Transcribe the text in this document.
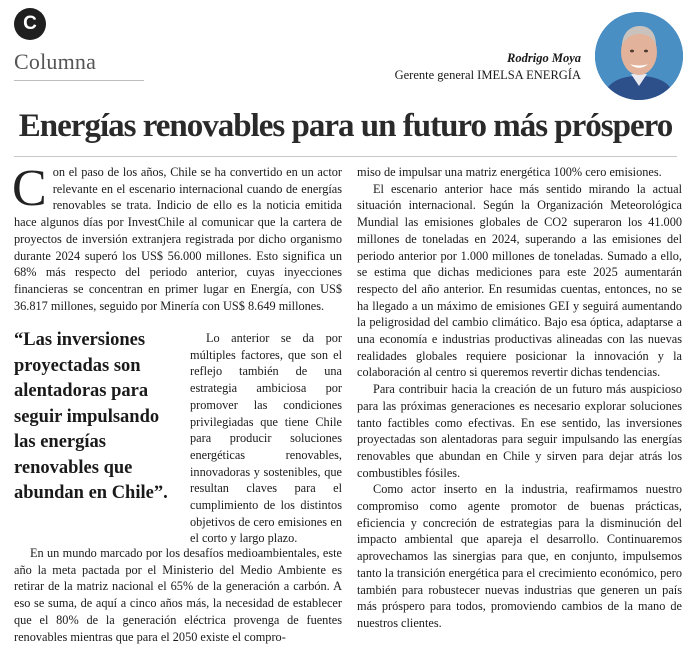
C
Columna	Rodrigo Moya
Gerente general IMELSA ENERGÍA
Energías renovables para un futuro más próspero
C on el paso de los años, Chile se ha convertido en un actor relevante en el escenario internacional cuando de energías renovables se trata. Indicio de ello es la noticia emitida hace algunos días por InvestChile al comunicar que la cartera de proyectos de inversión extranjera registrada por dicho organismo durante 2024 superó los US$ 56.000 millones. Esto significa un 68% más respecto del periodo anterior, cuyas inyecciones financieras se concentran en primer lugar en Energía, con US$ 36.817 millones, seguido por Minería con US$ 8.649 millones.

“Las inversiones proyectadas son alentadoras para seguir impulsando las energías renovables que abundan en Chile”.

Lo anterior se da por múltiples factores, que son el reflejo también de una estrategia ambiciosa por promover las condiciones privilegiadas que tiene Chile para producir soluciones energéticas renovables, innovadoras y sostenibles, que resultan claves para el cumplimiento de los distintos objetivos de cero emisiones en el corto y largo plazo.

En un mundo marcado por los desafíos medioambientales, este año la meta pactada por el Ministerio del Medio Ambiente es retirar de la matriz nacional el 65% de la generación a carbón. A eso se suma, de aquí a cinco años más, la necesidad de establecer que el 80% de la generación eléctrica provenga de fuentes renovables mientras que para el 2050 existe el compro-

miso de impulsar una matriz energética 100% cero emisiones.

El escenario anterior hace más sentido mirando la actual situación internacional. Según la Organización Meteorológica Mundial las emisiones globales de CO2 superaron los 41.000 millones de toneladas en 2024, superando a las emisiones del periodo anterior por 1.000 millones de toneladas. Sumado a ello, se estima que dichas mediciones para este 2025 aumentarán respecto del año anterior. En resumidas cuentas, entonces, no se ha llegado a un máximo de emisiones GEI y seguirá aumentando la peligrosidad del cambio climático. Bajo esa óptica, adaptarse a una economía e industrias productivas alineadas con las nuevas realidades globales requiere posicionar la innovación y la colaboración al centro si queremos revertir dichas tendencias.

Para contribuir hacia la creación de un futuro más auspicioso para las próximas generaciones es necesario explorar soluciones tanto factibles como efectivas. En ese sentido, las inversiones proyectadas son alentadoras para seguir impulsando las energías renovables que abundan en Chile y sirven para dejar atrás los combustibles fósiles.

Como actor inserto en la industria, reafirmamos nuestro compromiso como agente promotor de buenas prácticas, eficiencia y concreción de estrategias para la disminución del impacto ambiental que apareja el desarrollo. Continuaremos aprovechamos las sinergias para que, en conjunto, impulsemos tanto la transición energética para el crecimiento económico, pero también para robustecer nuevas industrias que generen un país más próspero para todos, promoviendo cambios de la mano de nuestros clientes.
